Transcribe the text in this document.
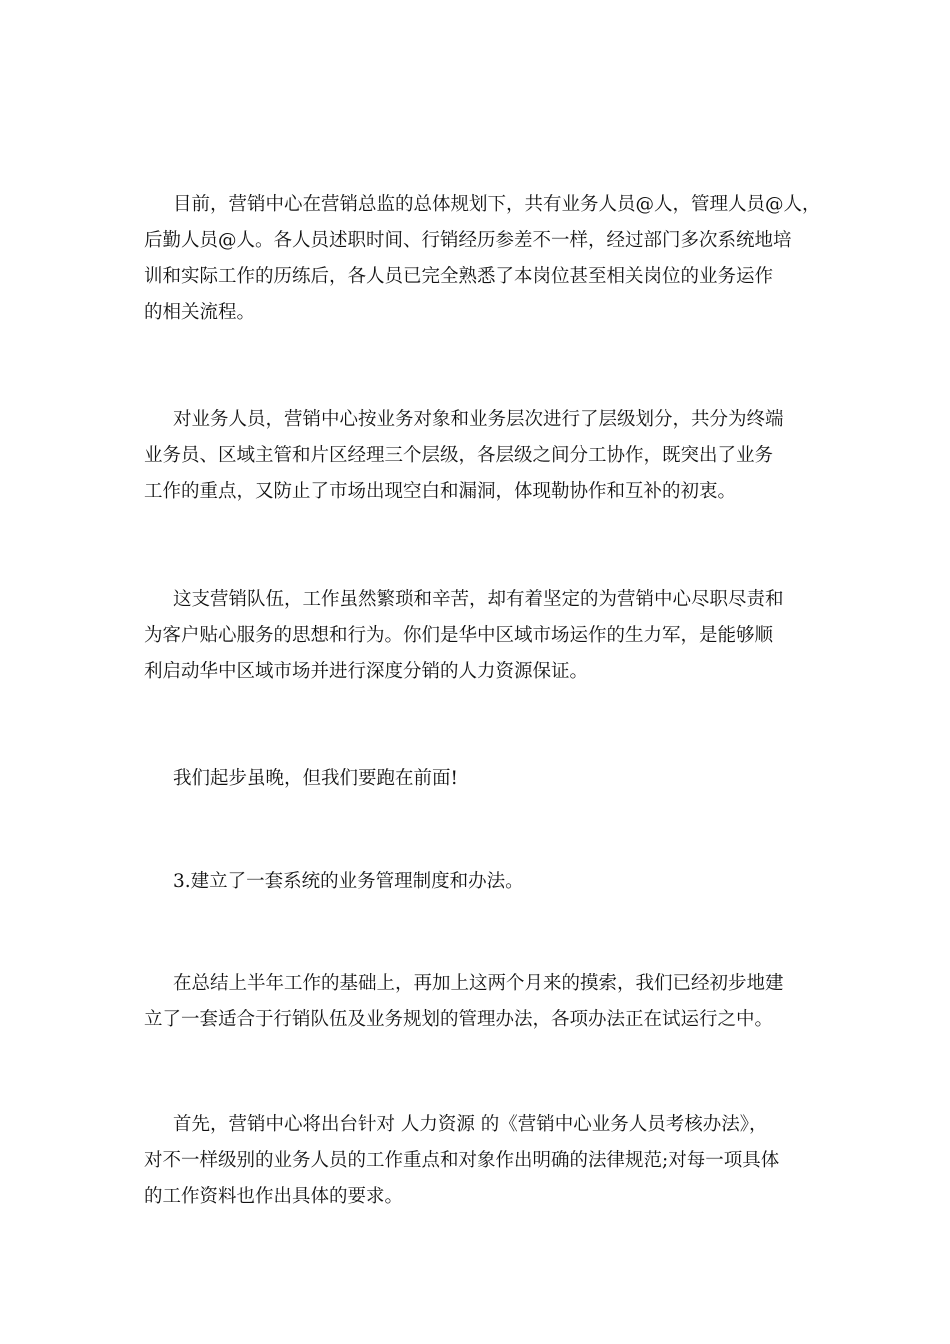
目前，营销中心在营销总监的总体规划下，共有业务人员@人，管理人员@人，
后勤人员@人。各人员述职时间、行销经历参差不一样，经过部门多次系统地培
训和实际工作的历练后，各人员已完全熟悉了本岗位甚至相关岗位的业务运作
的相关流程。
对业务人员，营销中心按业务对象和业务层次进行了层级划分，共分为终端
业务员、区域主管和片区经理三个层级，各层级之间分工协作，既突出了业务
工作的重点，又防止了市场出现空白和漏洞，体现勒协作和互补的初衷。
这支营销队伍，工作虽然繁琐和辛苦，却有着坚定的为营销中心尽职尽责和
为客户贴心服务的思想和行为。你们是华中区域市场运作的生力军，是能够顺
利启动华中区域市场并进行深度分销的人力资源保证。
我们起步虽晚，但我们要跑在前面!
3.建立了一套系统的业务管理制度和办法。
在总结上半年工作的基础上，再加上这两个月来的摸索，我们已经初步地建
立了一套适合于行销队伍及业务规划的管理办法，各项办法正在试运行之中。
首先，营销中心将出台针对 人力资源 的《营销中心业务人员考核办法》，
对不一样级别的业务人员的工作重点和对象作出明确的法律规范;对每一项具体
的工作资料也作出具体的要求。
